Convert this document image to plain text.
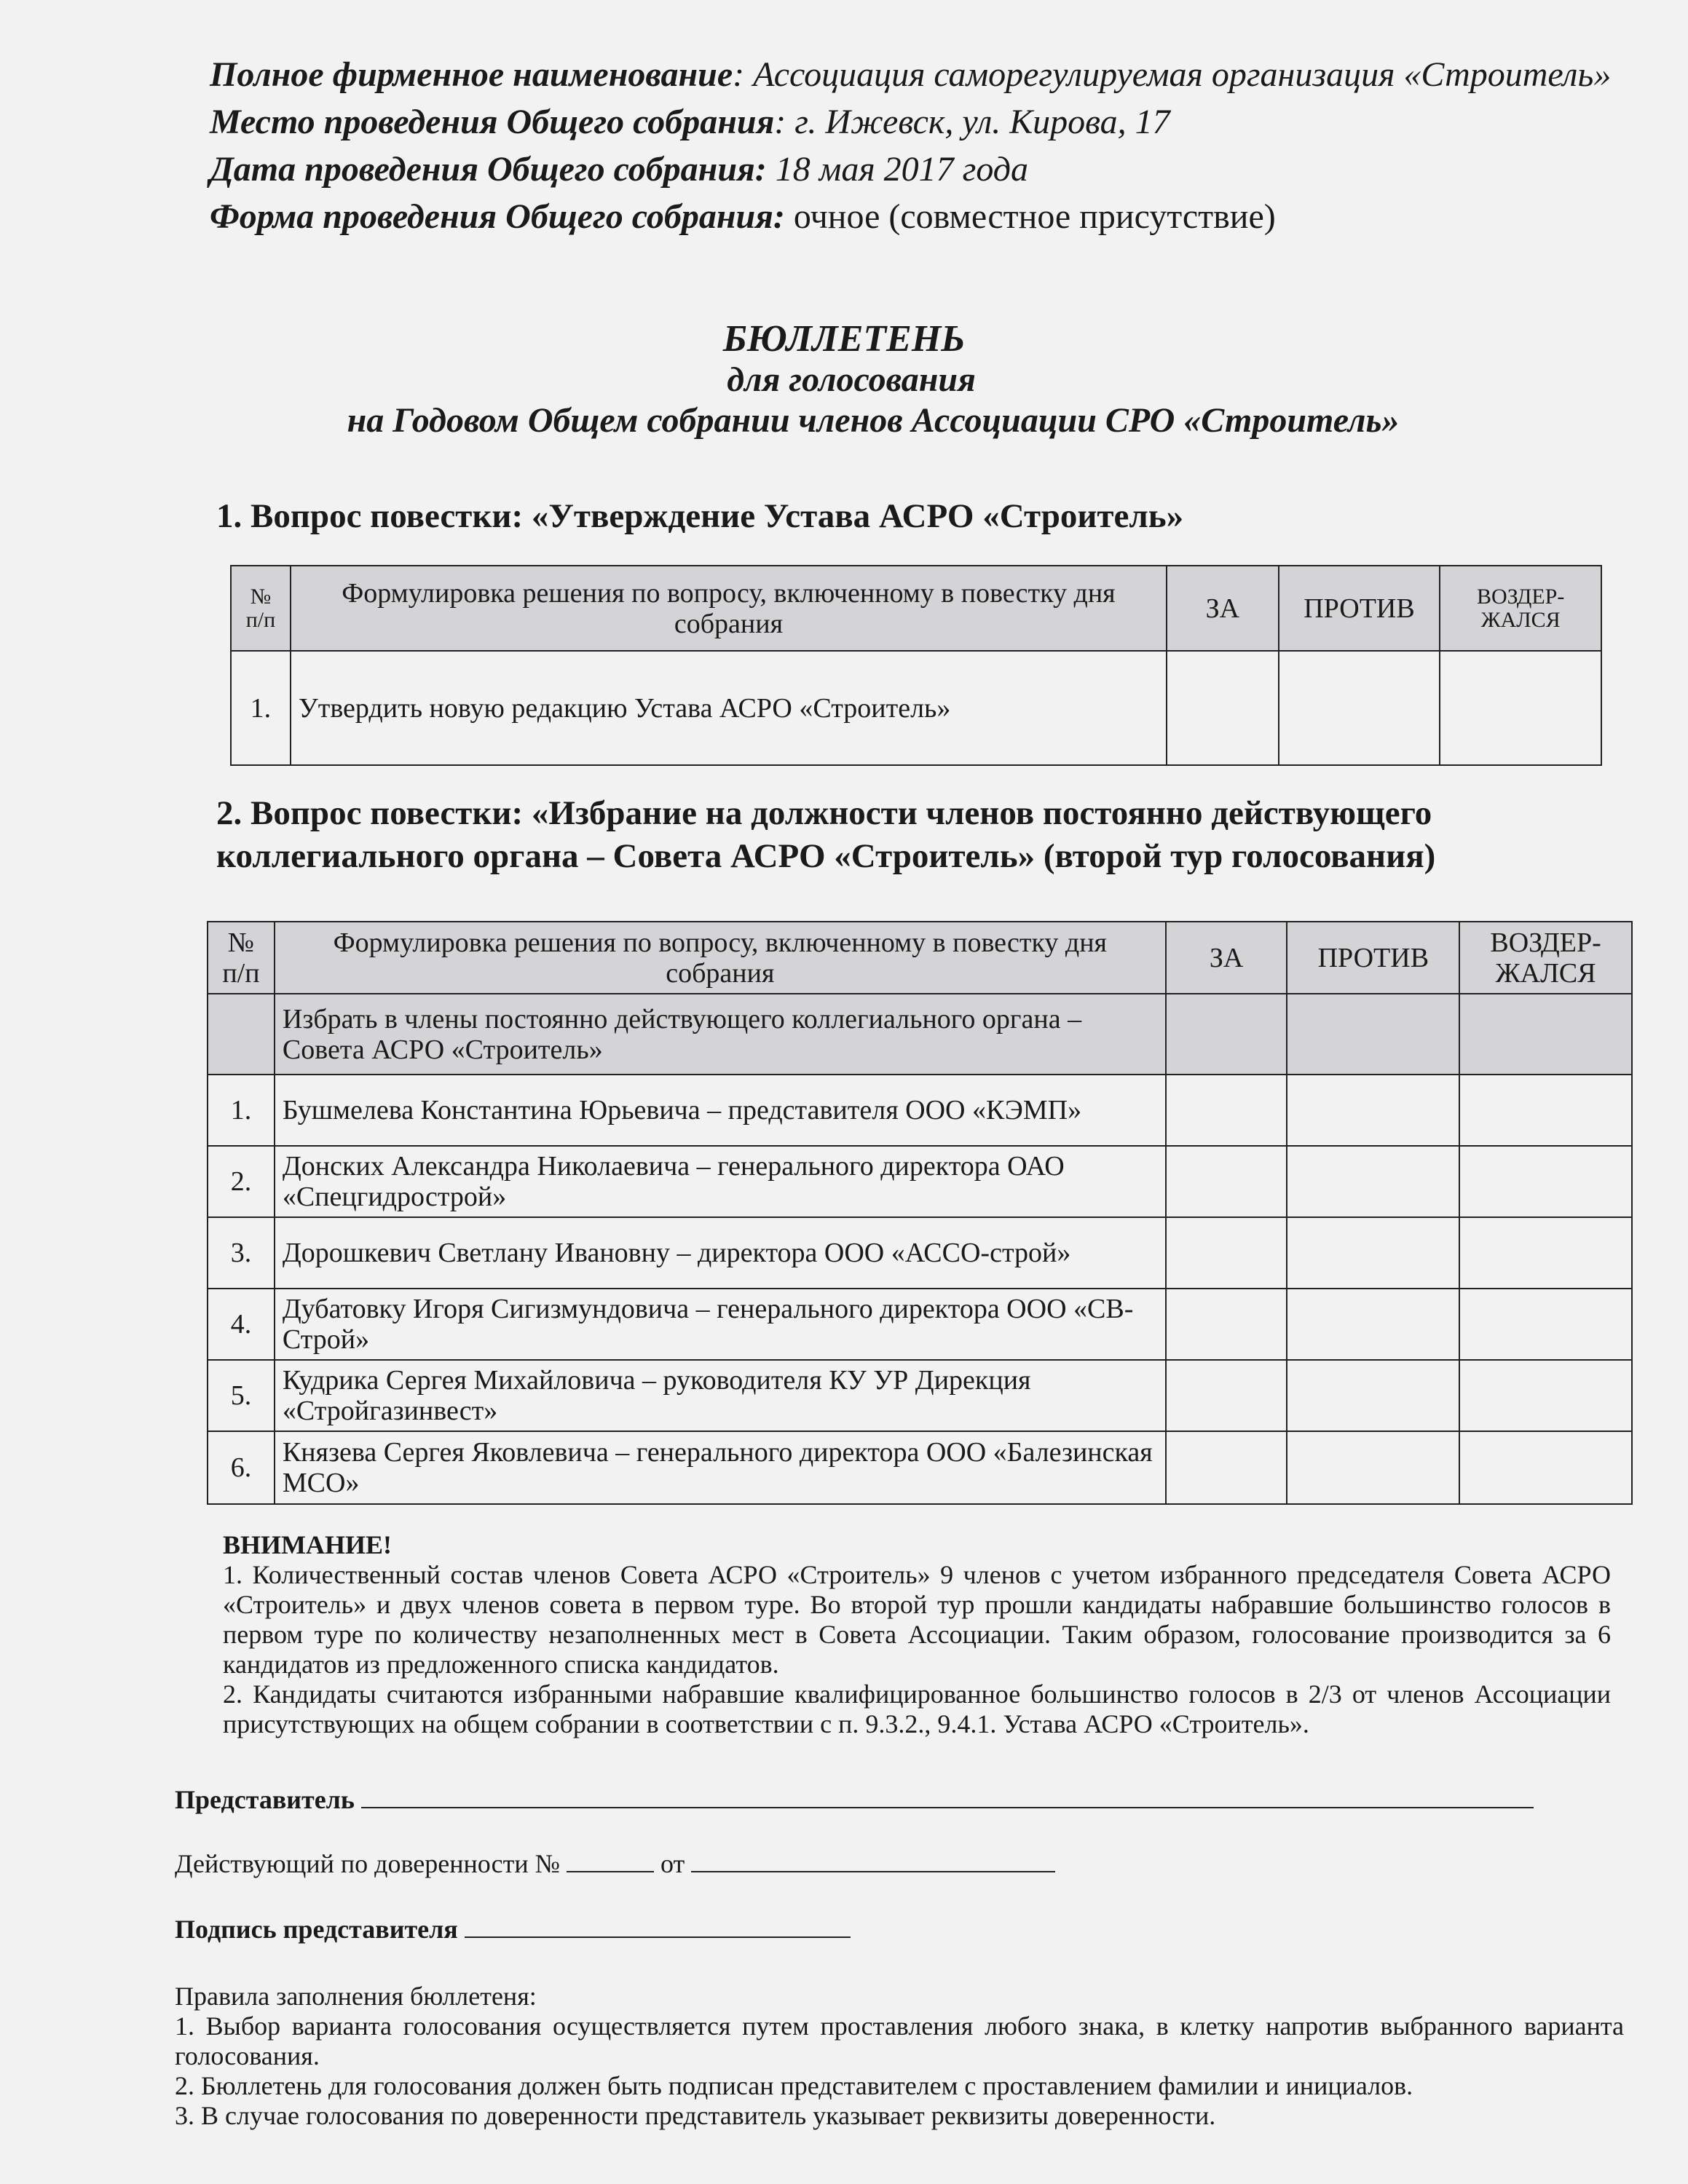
Полное фирменное наименование: Ассоциация саморегулируемая организация «Строитель»
Место проведения Общего собрания: г. Ижевск, ул. Кирова, 17
Дата проведения Общего собрания: 18 мая 2017 года
Форма проведения Общего собрания: очное (совместное присутствие)
БЮЛЛЕТЕНЬ
для голосования
на Годовом Общем собрании членов Ассоциации СРО «Строитель»
1. Вопрос повестки: «Утверждение Устава АСРО «Строитель»
№ п/п	Формулировка решения по вопросу, включенному в повестку дня собрания	ЗА	ПРОТИВ	ВОЗДЕР-ЖАЛСЯ
1.	Утвердить новую редакцию Устава АСРО «Строитель»			
2. Вопрос повестки: «Избрание на должности членов постоянно действующего коллегиального органа – Совета АСРО «Строитель» (второй тур голосования)
№ п/п	Формулировка решения по вопросу, включенному в повестку дня собрания	ЗА	ПРОТИВ	ВОЗДЕР-ЖАЛСЯ
	Избрать в члены постоянно действующего коллегиального органа – Совета АСРО «Строитель»			
1.	Бушмелева Константина Юрьевича – представителя ООО «КЭМП»			
2.	Донских Александра Николаевича – генерального директора ОАО «Спецгидрострой»			
3.	Дорошкевич Светлану Ивановну – директора ООО «АССО-строй»			
4.	Дубатовку Игоря Сигизмундовича – генерального директора ООО «СВ-Строй»			
5.	Кудрика Сергея Михайловича – руководителя КУ УР Дирекция «Стройгазинвест»			
6.	Князева Сергея Яковлевича – генерального директора ООО «Балезинская МСО»			
ВНИМАНИЕ!
1. Количественный состав членов Совета АСРО «Строитель» 9 членов с учетом избранного председателя Совета АСРО «Строитель» и двух членов совета в первом туре. Во второй тур прошли кандидаты набравшие большинство голосов в первом туре по количеству незаполненных мест в Совета Ассоциации. Таким образом, голосование производится за 6 кандидатов из предложенного списка кандидатов.
2. Кандидаты считаются избранными набравшие квалифицированное большинство голосов в 2/3 от членов Ассоциации присутствующих на общем собрании в соответствии с п. 9.3.2., 9.4.1. Устава АСРО «Строитель».
Представитель
Действующий по доверенности №	от
Подпись представителя
Правила заполнения бюллетеня:
1. Выбор варианта голосования осуществляется путем проставления любого знака, в клетку напротив выбранного варианта голосования.
2. Бюллетень для голосования должен быть подписан представителем с проставлением фамилии и инициалов.
3. В случае голосования по доверенности представитель указывает реквизиты доверенности.
